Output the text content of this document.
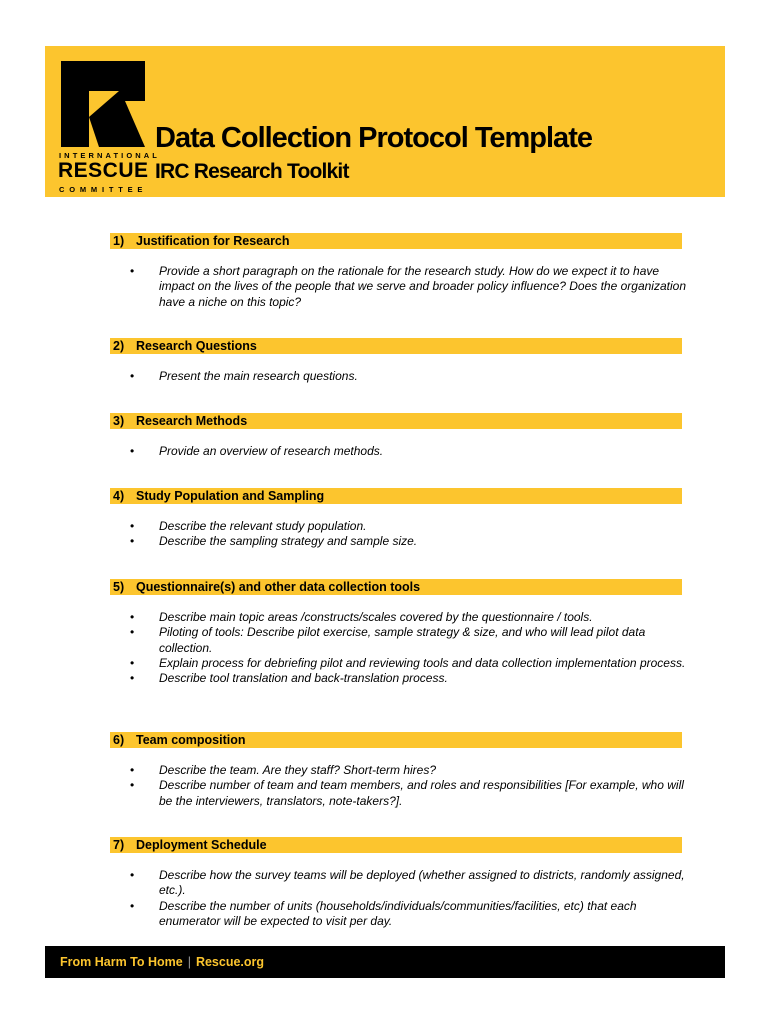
INTERNATIONAL
RESCUE
COMMITTEE
Data Collection Protocol Template
IRC Research Toolkit
1) Justification for Research
• Provide a short paragraph on the rationale for the research study. How do we expect it to have impact on the lives of the people that we serve and broader policy influence? Does the organization have a niche on this topic?
2) Research Questions
• Present the main research questions.
3) Research Methods
• Provide an overview of research methods.
4) Study Population and Sampling
• Describe the relevant study population.
• Describe the sampling strategy and sample size.
5) Questionnaire(s) and other data collection tools
• Describe main topic areas /constructs/scales covered by the questionnaire / tools.
• Piloting of tools: Describe pilot exercise, sample strategy & size, and who will lead pilot data collection.
• Explain process for debriefing pilot and reviewing tools and data collection implementation process.
• Describe tool translation and back-translation process.
6) Team composition
• Describe the team. Are they staff? Short-term hires?
• Describe number of team and team members, and roles and responsibilities [For example, who will be the interviewers, translators, note-takers?].
7) Deployment Schedule
• Describe how the survey teams will be deployed (whether assigned to districts, randomly assigned, etc.).
• Describe the number of units (households/individuals/communities/facilities, etc) that each enumerator will be expected to visit per day.
From Harm To Home | Rescue.org
